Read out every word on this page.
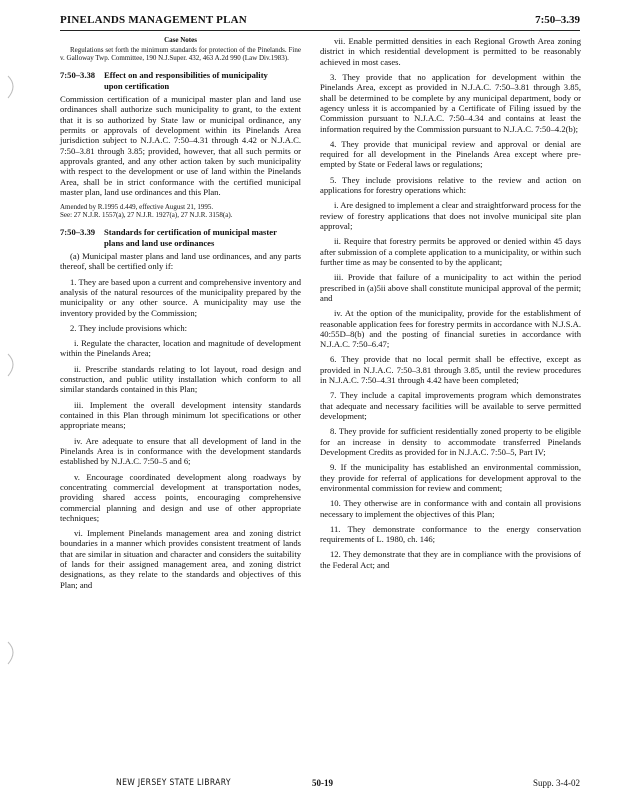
PINELANDS MANAGEMENT PLAN	7:50–3.39
Case Notes
Regulations set forth the minimum standards for protection of the Pinelands. Fine v. Galloway Twp. Committee, 190 N.J.Super. 432, 463 A.2d 990 (Law Div.1983).
7:50–3.38 Effect on and responsibilities of municipality
upon certification

Commission certification of a municipal master plan and land use ordinances shall authorize such municipality to grant, to the extent that it is so authorized by State law or municipal ordinance, any permits or approvals of development within its Pinelands Area jurisdiction subject to N.J.A.C. 7:50–4.31 through 4.42 or N.J.A.C. 7:50–3.81 through 3.85; provided, however, that all such permits or approvals granted, and any other action taken by such municipality with respect to the development or use of land within the Pinelands Area, shall be in strict conformance with the certified municipal master plan, land use ordinances and this Plan.

Amended by R.1995 d.449, effective August 21, 1995.
See: 27 N.J.R. 1557(a), 27 N.J.R. 1927(a), 27 N.J.R. 3158(a).
7:50–3.39 Standards for certification of municipal master
plans and land use ordinances

(a) Municipal master plans and land use ordinances, and any parts thereof, shall be certified only if:

1. They are based upon a current and comprehensive inventory and analysis of the natural resources of the municipality prepared by the municipality or any other source. A municipality may use the inventory provided by the Commission;

2. They include provisions which:

i. Regulate the character, location and magnitude of development within the Pinelands Area;

ii. Prescribe standards relating to lot layout, road design and construction, and public utility installation which conform to all similar standards contained in this Plan;

iii. Implement the overall development intensity standards contained in this Plan through minimum lot specifications or other appropriate means;

iv. Are adequate to ensure that all development of land in the Pinelands Area is in conformance with the development standards established by N.J.A.C. 7:50–5 and 6;

v. Encourage coordinated development along roadways by concentrating commercial development at transportation nodes, providing shared access points, encouraging comprehensive commercial planning and design and use of other appropriate techniques;

vi. Implement Pinelands management area and zoning district boundaries in a manner which provides consistent treatment of lands that are similar in situation and character and considers the suitability of lands for their assigned management area, and zoning district designations, as they relate to the standards and objectives of this Plan; and

vii. Enable permitted densities in each Regional Growth Area zoning district in which residential development is permitted to be reasonably achieved in most cases.

3. They provide that no application for development within the Pinelands Area, except as provided in N.J.A.C. 7:50–3.81 through 3.85, shall be determined to be complete by any municipal department, body or agency unless it is accompanied by a Certificate of Filing issued by the Commission pursuant to N.J.A.C. 7:50–4.34 and contains at least the information required by the Commission pursuant to N.J.A.C. 7:50–4.2(b);

4. They provide that municipal review and approval or denial are required for all development in the Pinelands Area except where pre-empted by State or Federal laws or regulations;

5. They include provisions relative to the review and action on applications for forestry operations which:

i. Are designed to implement a clear and straightforward process for the review of forestry applications that does not involve municipal site plan approval;

ii. Require that forestry permits be approved or denied within 45 days after submission of a complete application to a municipality, or within such further time as may be consented to by the applicant;

iii. Provide that failure of a municipality to act within the period prescribed in (a)5ii above shall constitute municipal approval of the permit; and

iv. At the option of the municipality, provide for the establishment of reasonable application fees for forestry permits in accordance with N.J.S.A. 40:55D–8(b) and the posting of financial sureties in accordance with N.J.A.C. 7:50–6.47;

6. They provide that no local permit shall be effective, except as provided in N.J.A.C. 7:50–3.81 through 3.85, until the review procedures in N.J.A.C. 7:50–4.31 through 4.42 have been completed;

7. They include a capital improvements program which demonstrates that adequate and necessary facilities will be available to serve permitted development;

8. They provide for sufficient residentially zoned property to be eligible for an increase in density to accommodate transferred Pinelands Development Credits as provided for in N.J.A.C. 7:50–5, Part IV;

9. If the municipality has established an environmental commission, they provide for referral of applications for development approval to the environmental commission for review and comment;

10. They otherwise are in conformance with and contain all provisions necessary to implement the objectives of this Plan;

11. They demonstrate conformance to the energy conservation requirements of L. 1980, ch. 146;

12. They demonstrate that they are in compliance with the provisions of the Federal Act; and

NEW JERSEY STATE LIBRARY	50-19	Supp. 3-4-02
